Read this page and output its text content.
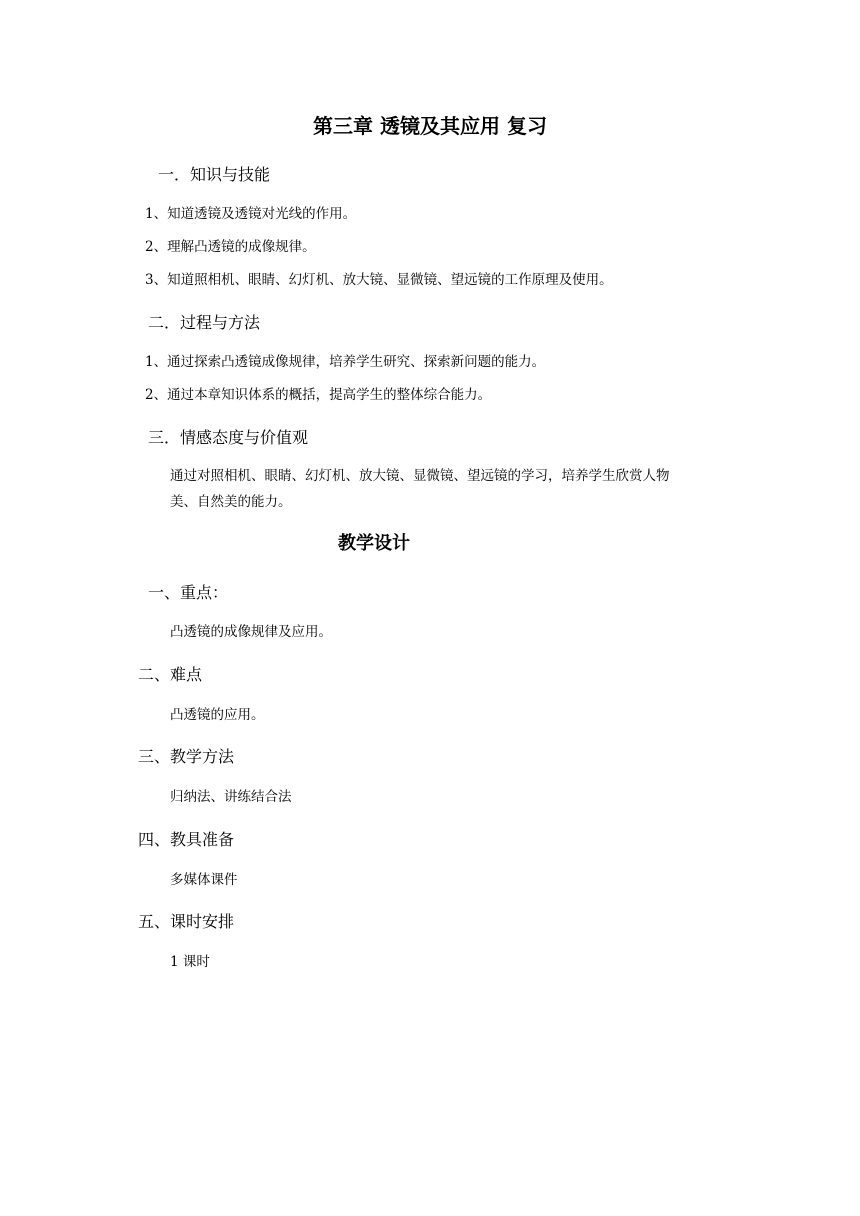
第三章 透镜及其应用 复习
一．知识与技能
1、知道透镜及透镜对光线的作用。
2、理解凸透镜的成像规律。
3、知道照相机、眼睛、幻灯机、放大镜、显微镜、望远镜的工作原理及使用。
二．过程与方法
1、通过探索凸透镜成像规律，培养学生研究、探索新问题的能力。
2、通过本章知识体系的概括，提高学生的整体综合能力。
三．情感态度与价值观
通过对照相机、眼睛、幻灯机、放大镜、显微镜、望远镜的学习，培养学生欣赏人物
美、自然美的能力。
教学设计
一、重点：
凸透镜的成像规律及应用。
二、难点
凸透镜的应用。
三、教学方法
归纳法、讲练结合法
四、教具准备
多媒体课件
五、课时安排
1 课时
